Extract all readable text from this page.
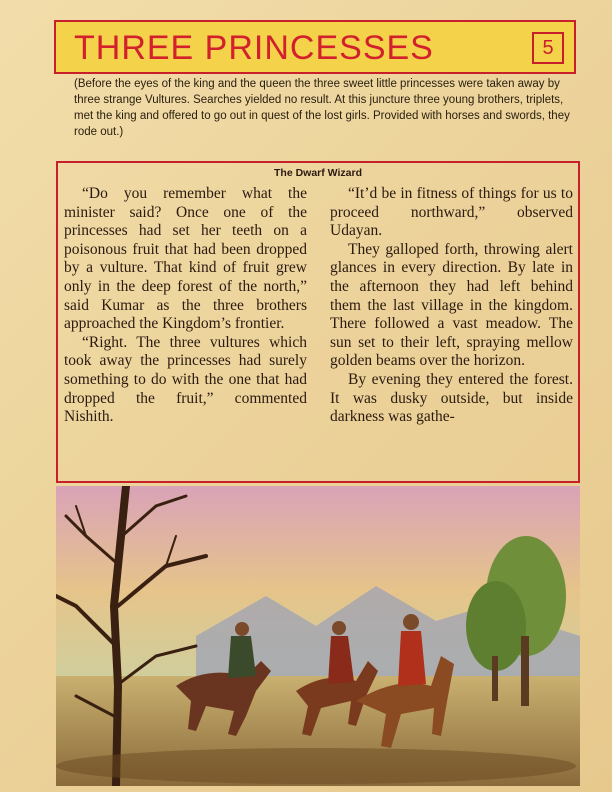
THREE PRINCESSES	5
(Before the eyes of the king and the queen the three sweet little princesses were taken away by three strange Vultures. Searches yielded no result. At this juncture three young brothers, triplets, met the king and offered to go out in quest of the lost girls. Provided with horses and swords, they rode out.)
The Dwarf Wizard

“Do you remember what the minister said? Once one of the princesses had set her teeth on a poisonous fruit that had been dropped by a vulture. That kind of fruit grew only in the deep forest of the north,” said Kumar as the three brothers approached the Kingdom’s frontier.

“Right. The three vultures which took away the princesses had surely something to do with the one that had dropped the fruit,” commented Nishith.

“It’d be in fitness of things for us to proceed northward,” observed Udayan.

They galloped forth, throwing alert glances in every direction. By late in the afternoon they had left behind them the last village in the kingdom. There followed a vast meadow. The sun set to their left, spraying mellow golden beams over the horizon.

By evening they entered the forest. It was dusky outside, but inside darkness was gathe-
